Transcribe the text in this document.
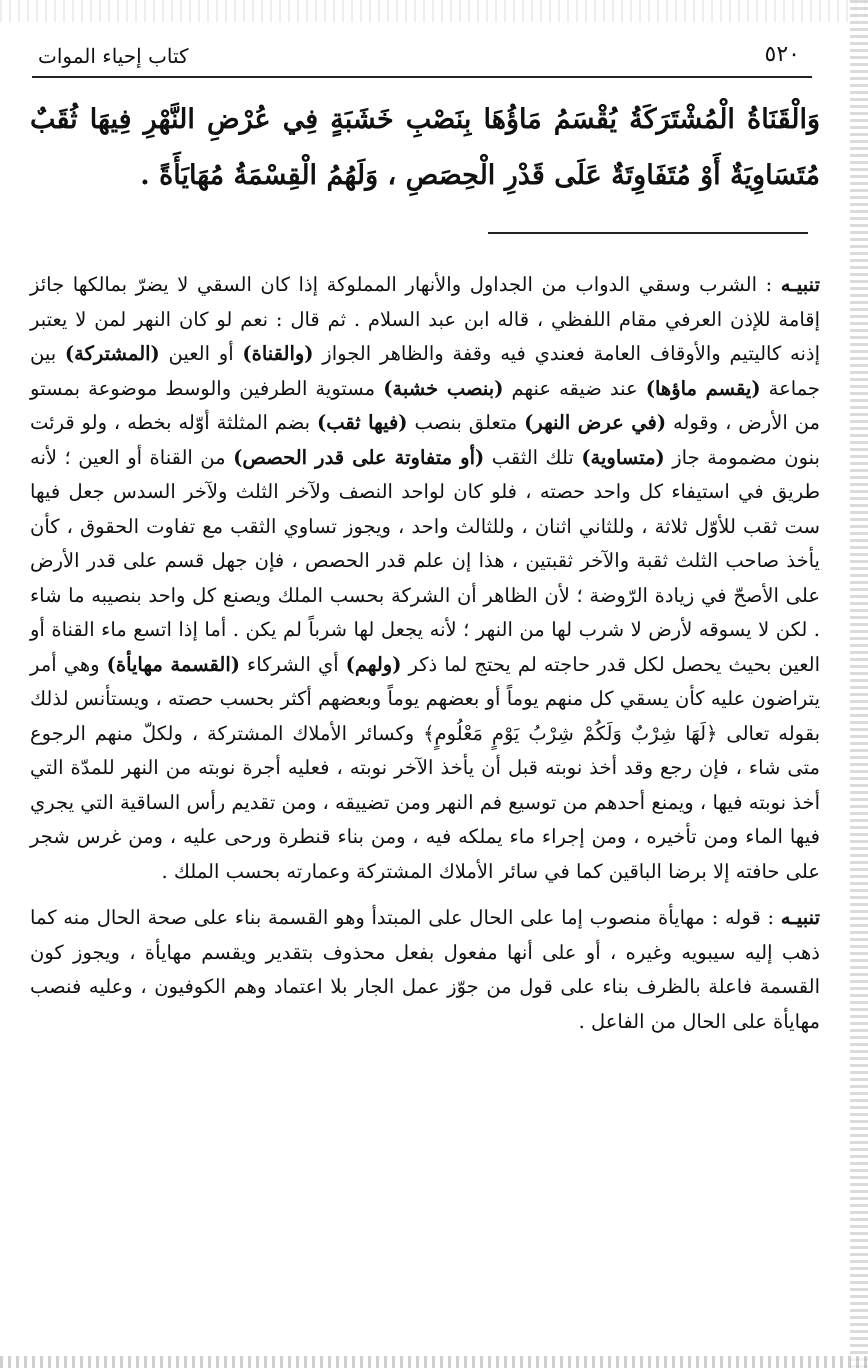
٥٢٠
كتاب إحياء الموات
وَالْقَنَاةُ الْمُشْتَرَكَةُ يُقْسَمُ مَاؤُهَا بِنَصْبِ خَشَبَةٍ فِي عُرْضِ النَّهْرِ فِيهَا ثُقَبٌ مُتَسَاوِيَةٌ أَوْ مُتَفَاوِتَةٌ عَلَى قَدْرِ الْحِصَصِ ، وَلَهُمُ الْقِسْمَةُ مُهَايَأَةً .

تنبيـه : الشرب وسقي الدواب من الجداول والأنهار المملوكة إذا كان السقي لا يضرّ بمالكها جائز إقامة للإذن العرفي مقام اللفظي ، قاله ابن عبد السلام . ثم قال : نعم لو كان النهر لمن لا يعتبر إذنه كاليتيم والأوقاف العامة فعندي فيه وقفة والظاهر الجواز (والقناة) أو العين (المشتركة) بين جماعة (يقسم ماؤها) عند ضيقه عنهم (بنصب خشبة) مستوية الطرفين والوسط موضوعة بمستو من الأرض ، وقوله (في عرض النهر) متعلق بنصب (فيها ثقب) بضم المثلثة أوّله بخطه ، ولو قرئت بنون مضمومة جاز (متساوية) تلك الثقب (أو متفاوتة على قدر الحصص) من القناة أو العين ؛ لأنه طريق في استيفاء كل واحد حصته ، فلو كان لواحد النصف ولآخر الثلث ولآخر السدس جعل فيها ست ثقب للأوّل ثلاثة ، وللثاني اثنان ، وللثالث واحد ، ويجوز تساوي الثقب مع تفاوت الحقوق ، كأن يأخذ صاحب الثلث ثقبة والآخر ثقبتين ، هذا إن علم قدر الحصص ، فإن جهل قسم على قدر الأرض على الأصحّ في زيادة الرّوضة ؛ لأن الظاهر أن الشركة بحسب الملك ويصنع كل واحد بنصيبه ما شاء . لكن لا يسوقه لأرض لا شرب لها من النهر ؛ لأنه يجعل لها شرباً لم يكن . أما إذا اتسع ماء القناة أو العين بحيث يحصل لكل قدر حاجته لم يحتج لما ذكر (ولهم) أي الشركاء (القسمة مهايأة) وهي أمر يتراضون عليه كأن يسقي كل منهم يوماً أو بعضهم يوماً وبعضهم أكثر بحسب حصته ، ويستأنس لذلك بقوله تعالى ﴿لَهَا شِرْبٌ وَلَكُمْ شِرْبُ يَوْمٍ مَعْلُومٍ﴾ وكسائر الأملاك المشتركة ، ولكلّ منهم الرجوع متى شاء ، فإن رجع وقد أخذ نوبته قبل أن يأخذ الآخر نوبته ، فعليه أجرة نوبته من النهر للمدّة التي أخذ نوبته فيها ، ويمنع أحدهم من توسيع فم النهر ومن تضييقه ، ومن تقديم رأس الساقية التي يجري فيها الماء ومن تأخيره ، ومن إجراء ماء يملكه فيه ، ومن بناء قنطرة ورحى عليه ، ومن غرس شجر على حافته إلا برضا الباقين كما في سائر الأملاك المشتركة وعمارته بحسب الملك .

تنبيـه : قوله : مهايأة منصوب إما على الحال على المبتدأ وهو القسمة بناء على صحة الحال منه كما ذهب إليه سيبويه وغيره ، أو على أنها مفعول بفعل محذوف بتقدير ويقسم مهايأة ، ويجوز كون القسمة فاعلة بالظرف بناء على قول من جوّز عمل الجار بلا اعتماد وهم الكوفيون ، وعليه فنصب مهايأة على الحال من الفاعل .
